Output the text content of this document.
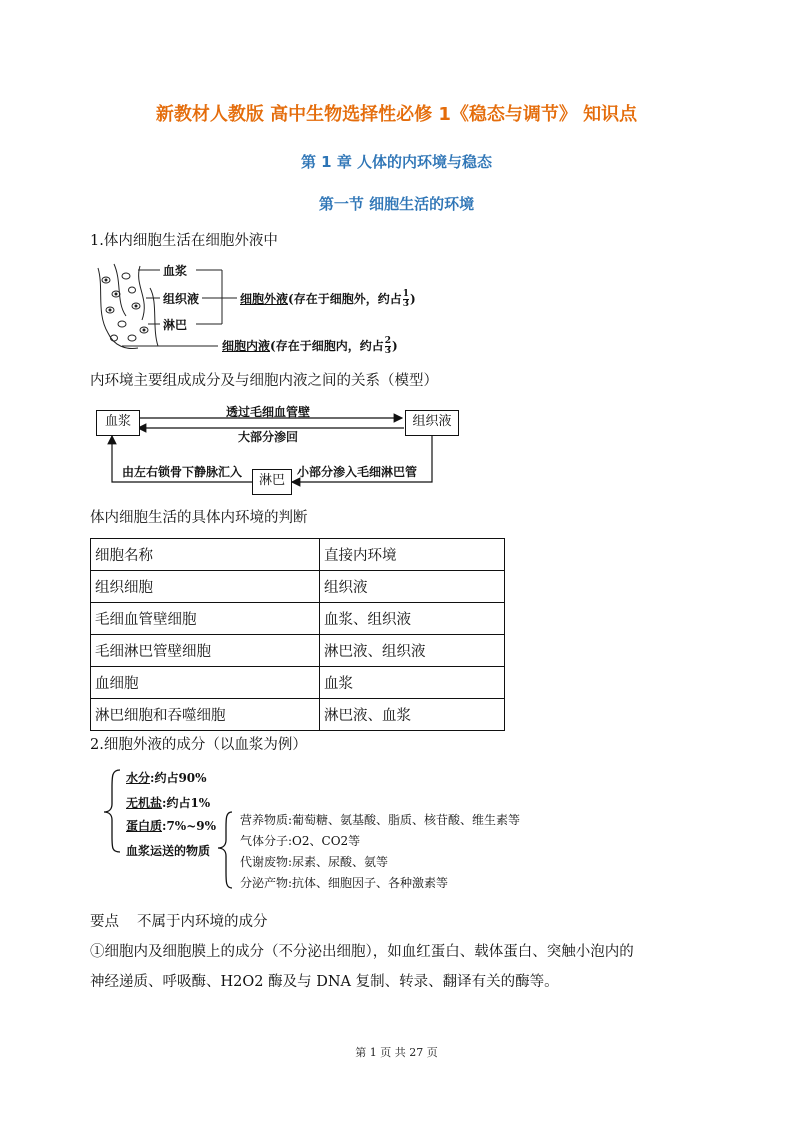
新教材人教版 高中生物选择性必修 1《稳态与调节》 知识点
第 1 章 人体的内环境与稳态
第一节 细胞生活的环境
1.体内细胞生活在细胞外液中
血浆
组织液
淋巴
细胞外液(存在于细胞外，约占 $\frac{1}{3}$ )
细胞内液(存在于细胞内，约占 $\frac{2}{3}$ )
内环境主要组成成分及与细胞内液之间的关系（模型）
血浆	组织液
淋巴
透过毛细血管壁
大部分渗回
由左右锁骨下静脉汇入	小部分渗入毛细淋巴管
体内细胞生活的具体内环境的判断
细胞名称	直接内环境
组织细胞	组织液
毛细血管壁细胞	血浆、组织液
毛细淋巴管壁细胞	淋巴液、组织液
血细胞	血浆
淋巴细胞和吞噬细胞	淋巴液、血浆
2.细胞外液的成分（以血浆为例）
水分:约占90%
无机盐:约占1%
蛋白质:7%~9%
血浆运送的物质
营养物质:葡萄糖、氨基酸、脂质、核苷酸、维生素等
气体分子:O2、CO2等
代谢废物:尿素、尿酸、氨等
分泌产物:抗体、细胞因子、各种激素等
要点 不属于内环境的成分
①细胞内及细胞膜上的成分（不分泌出细胞），如血红蛋白、载体蛋白、突触小泡内的
神经递质、呼吸酶、H2O2 酶及与 DNA 复制、转录、翻译有关的酶等。
第 1 页 共 27 页
